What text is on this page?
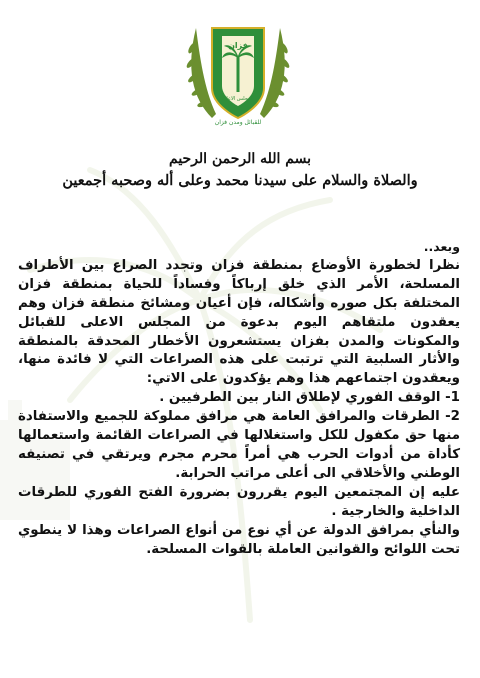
فزان
المجلس الاعلى
للقبائل ومدن فزان
بسم الله الرحمن الرحيم
والصلاة والسلام على سيدنا محمد وعلى أله وصحبه أجمعين

وبعد..

نظرا لخطورة الأوضاع بمنطقة فزان وتجدد الصراع بين الأطراف المسلحة، الأمر الذي خلق إرباكاً وفساداً للحياة بمنطقة فزان المختلفة بكل صوره وأشكاله، فإن أعيان ومشائخ منطقة فزان وهم يعقدون ملتقاهم اليوم بدعوة من المجلس الاعلى للقبائل والمكونات والمدن بفزان يستشعرون الأخطار المحدقة بالمنطقة والأثار السلبية التي ترتبت على هذه الصراعات التي لا فائدة منها، ويعقدون اجتماعهم هذا وهم يؤكدون على الاتي:

1- الوقف الفوري لإطلاق النار بين الطرفيين .

2- الطرقات والمرافق العامة هي مرافق مملوكة للجميع والاستفادة منها حق مكفول للكل واستغلالها في الصراعات القائمة واستعمالها كأداة من أدوات الحرب هي أمراً محرم مجرم ويرتقي في تصنيفه الوطني والأخلاقي الى أعلى مراتب الحرابة.

عليه إن المجتمعين اليوم يقررون بضرورة الفتح الفوري للطرقات الداخلية والخارجية .

والنأي بمرافق الدولة عن أي نوع من أنواع الصراعات وهذا لا ينطوي تحت اللوائح والقوانين العاملة بالقوات المسلحة.
